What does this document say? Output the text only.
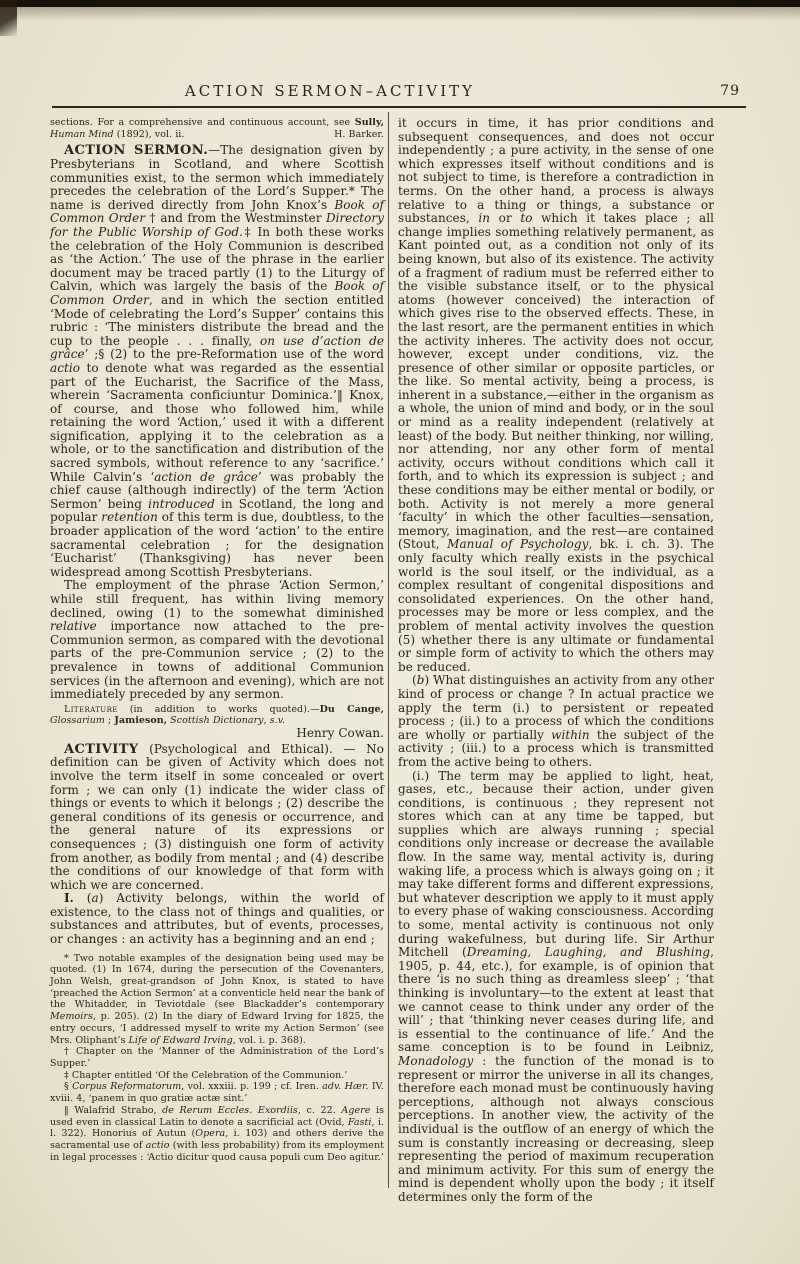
ACTION SERMON–ACTIVITY	79

sections. For a comprehensive and continuous account, see Sully, Human Mind (1892), vol. ii.	H. Barker.

ACTION SERMON.—The designation given by Presbyterians in Scotland, and where Scottish communities exist, to the sermon which immediately precedes the celebration of the Lord’s Supper.* The name is derived directly from John Knox’s Book of Common Order † and from the Westminster Directory for the Public Worship of God.‡ In both these works the celebration of the Holy Communion is described as ‘the Action.’ The use of the phrase in the earlier document may be traced partly (1) to the Liturgy of Calvin, which was largely the basis of the Book of Common Order, and in which the section entitled ‘Mode of celebrating the Lord’s Supper’ contains this rubric : ‘The ministers distribute the bread and the cup to the people . . . finally, on use d’action de grâce’ ;§ (2) to the pre-Reformation use of the word actio to denote what was regarded as the essential part of the Eucharist, the Sacrifice of the Mass, wherein ‘Sacramenta conficiuntur Dominica.’‖ Knox, of course, and those who followed him, while retaining the word ‘Action,’ used it with a different signification, applying it to the celebration as a whole, or to the sanctification and distribution of the sacred symbols, without reference to any ‘sacrifice.’ While Calvin’s ‘action de grâce’ was probably the chief cause (although indirectly) of the term ‘Action Sermon’ being introduced in Scotland, the long and popular retention of this term is due, doubtless, to the broader application of the word ‘action’ to the entire sacramental celebration ; for the designation ‘Eucharist’ (Thanksgiving) has never been widespread among Scottish Presbyterians.

The employment of the phrase ‘Action Sermon,’ while still frequent, has within living memory declined, owing (1) to the somewhat diminished relative importance now attached to the pre-Communion sermon, as compared with the devotional parts of the pre-Communion service ; (2) to the prevalence in towns of additional Communion services (in the afternoon and evening), which are not immediately preceded by any sermon.

Literature (in addition to works quoted).—Du Cange, Glossarium ; Jamieson, Scottish Dictionary, s.v.

Henry Cowan.

ACTIVITY (Psychological and Ethical). — No definition can be given of Activity which does not involve the term itself in some concealed or overt form ; we can only (1) indicate the wider class of things or events to which it belongs ; (2) describe the general conditions of its genesis or occurrence, and the general nature of its expressions or consequences ; (3) distinguish one form of activity from another, as bodily from mental ; and (4) describe the conditions of our knowledge of that form with which we are concerned.

I. (a) Activity belongs, within the world of existence, to the class not of things and qualities, or substances and attributes, but of events, processes, or changes : an activity has a beginning and an end ;

* Two notable examples of the designation being used may be quoted. (1) In 1674, during the persecution of the Covenanters, John Welsh, great-grandson of John Knox, is stated to have ‘preached the Action Sermon’ at a conventicle held near the bank of the Whitadder, in Teviotdale (see Blackadder’s contemporary Memoirs, p. 205). (2) In the diary of Edward Irving for 1825, the entry occurs, ‘I addressed myself to write my Action Sermon’ (see Mrs. Oliphant’s Life of Edward Irving, vol. i. p. 368).

† Chapter on the ‘Manner of the Administration of the Lord’s Supper.’

‡ Chapter entitled ‘Of the Celebration of the Communion.’

§ Corpus Reformatorum, vol. xxxiii. p. 199 ; cf. Iren. adv. Hær. IV. xviii. 4, ‘panem in quo gratiæ actæ sint.’

‖ Walafrid Strabo, de Rerum Eccles. Exordiis, c. 22. Agere is used even in classical Latin to denote a sacrificial act (Ovid, Fasti, i. l. 322). Honorius of Autun (Opera, i. 103) and others derive the sacramental use of actio (with less probability) from its employment in legal processes : ‘Actio dicitur quod causa populi cum Deo agitur.’

it occurs in time, it has prior conditions and subsequent consequences, and does not occur independently ; a pure activity, in the sense of one which expresses itself without conditions and is not subject to time, is therefore a contradiction in terms. On the other hand, a process is always relative to a thing or things, a substance or substances, in or to which it takes place ; all change implies something relatively permanent, as Kant pointed out, as a condition not only of its being known, but also of its existence. The activity of a fragment of radium must be referred either to the visible substance itself, or to the physical atoms (however conceived) the interaction of which gives rise to the observed effects. These, in the last resort, are the permanent entities in which the activity inheres. The activity does not occur, however, except under conditions, viz. the presence of other similar or opposite particles, or the like. So mental activity, being a process, is inherent in a substance,—either in the organism as a whole, the union of mind and body, or in the soul or mind as a reality independent (relatively at least) of the body. But neither thinking, nor willing, nor attending, nor any other form of mental activity, occurs without conditions which call it forth, and to which its expression is subject ; and these conditions may be either mental or bodily, or both. Activity is not merely a more general ‘faculty’ in which the other faculties—sensation, memory, imagination, and the rest—are contained (Stout, Manual of Psychology, bk. i. ch. 3). The only faculty which really exists in the psychical world is the soul itself, or the individual, as a complex resultant of congenital dispositions and consolidated experiences. On the other hand, processes may be more or less complex, and the problem of mental activity involves the question (5) whether there is any ultimate or fundamental or simple form of activity to which the others may be reduced.

(b) What distinguishes an activity from any other kind of process or change ? In actual practice we apply the term (i.) to persistent or repeated process ; (ii.) to a process of which the conditions are wholly or partially within the subject of the activity ; (iii.) to a process which is transmitted from the active being to others.

(i.) The term may be applied to light, heat, gases, etc., because their action, under given conditions, is continuous ; they represent not stores which can at any time be tapped, but supplies which are always running ; special conditions only increase or decrease the available flow. In the same way, mental activity is, during waking life, a process which is always going on ; it may take different forms and different expressions, but whatever description we apply to it must apply to every phase of waking consciousness. According to some, mental activity is continuous not only during wakefulness, but during life. Sir Arthur Mitchell (Dreaming, Laughing, and Blushing, 1905, p. 44, etc.), for example, is of opinion that there ‘is no such thing as dreamless sleep’ ; ‘that thinking is involuntary—to the extent at least that we cannot cease to think under any order of the will’ ; that ‘thinking never ceases during life, and is essential to the continuance of life.’ And the same conception is to be found in Leibniz, Monadology : the function of the monad is to represent or mirror the universe in all its changes, therefore each monad must be continuously having perceptions, although not always conscious perceptions. In another view, the activity of the individual is the outflow of an energy of which the sum is constantly increasing or decreasing, sleep representing the period of maximum recuperation and minimum activity. For this sum of energy the mind is dependent wholly upon the body ; it itself determines only the form of the
